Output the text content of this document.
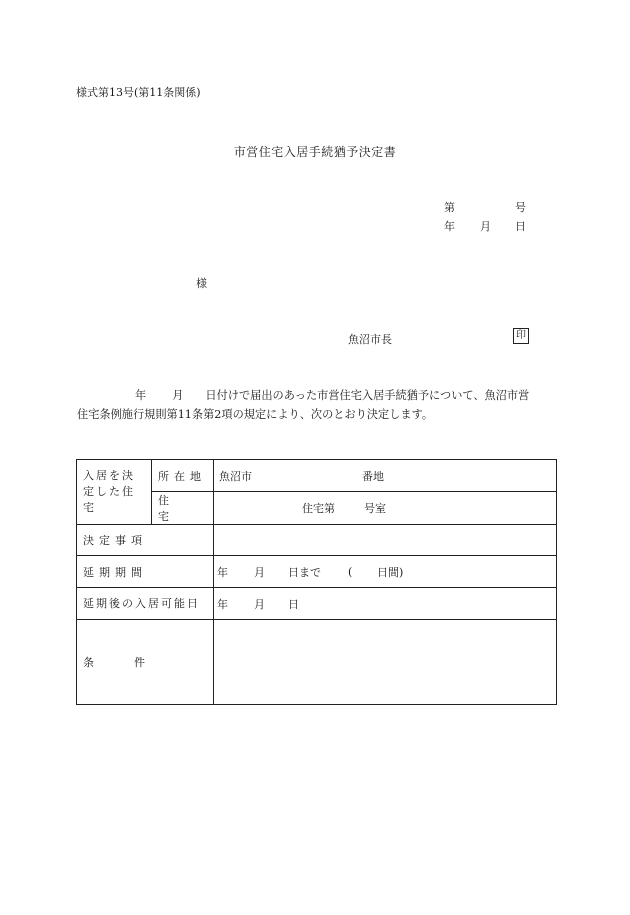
様式第13号(第11条関係)
市営住宅入居手続猶予決定書
第	号
年 月 日
様
魚沼市長	印
年 月 日付けで届出のあった市営住宅入居手続猶予について、魚沼市営
住宅条例施行規則第11条第2項の規定により、次のとおり決定します。
入居を決定した住宅	所在地	魚沼市 番地

	住宅	住宅第 号室

決定事項		
延期期間		年 月 日まで ( 日間)

延期後の入居可能日		年 月 日

条 件		
